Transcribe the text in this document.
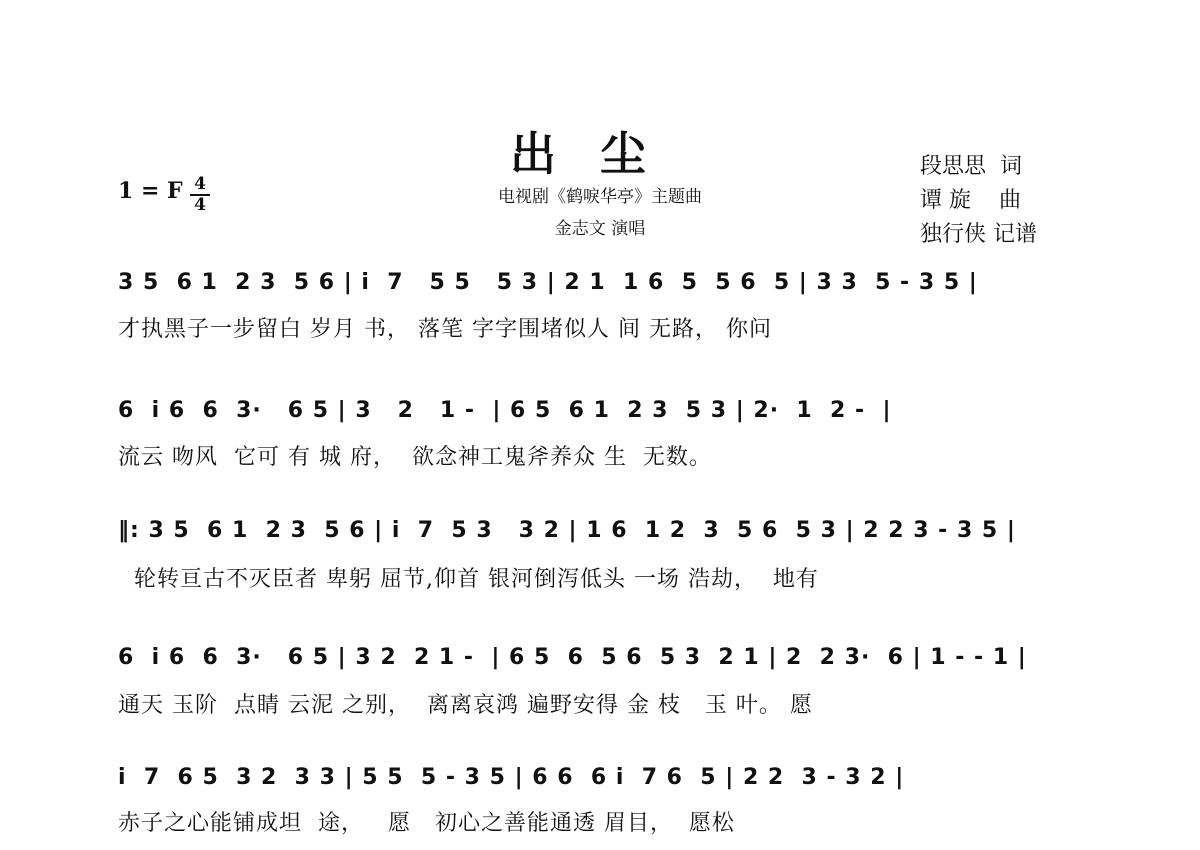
出尘
电视剧《鹤唳华亭》主题曲
金志文 演唱
段思思  词
谭 旋    曲
独行侠 记谱
1 = F 4
4
3 5  6 1  2 3  5 6 | i  7   5 5   5 3 | 2 1  1 6  5  5 6  5 | 3 3  5 - 3 5 |
才执黑子一步留白 岁月 书， 落笔 字字围堵似人 间 无路， 你问
6  i 6  6  3·   6 5 | 3   2   1 -  | 6 5  6 1  2 3  5 3 | 2·  1  2 -  |
流云 吻风  它可 有 城 府，  欲念神工鬼斧养众 生  无数。
‖: 3 5  6 1  2 3  5 6 | i  7  5 3   3 2 | 1 6  1 2  3  5 6  5 3 | 2 2 3 - 3 5 |
轮转亘古不灭臣者 卑躬 屈节,仰首 银河倒泻低头 一场 浩劫，  地有
6  i 6  6  3·   6 5 | 3 2  2 1 -  | 6 5  6  5 6  5 3  2 1 | 2  2 3·  6 | 1 - - 1 |
通天 玉阶  点睛 云泥 之别，  离离哀鸿 遍野安得 金 枝   玉 叶。 愿
i  7  6 5  3 2  3 3 | 5 5  5 - 3 5 | 6 6  6 i  7 6  5 | 2 2  3 - 3 2 |
赤子之心能铺成坦  途，   愿   初心之善能通透 眉目，  愿松
